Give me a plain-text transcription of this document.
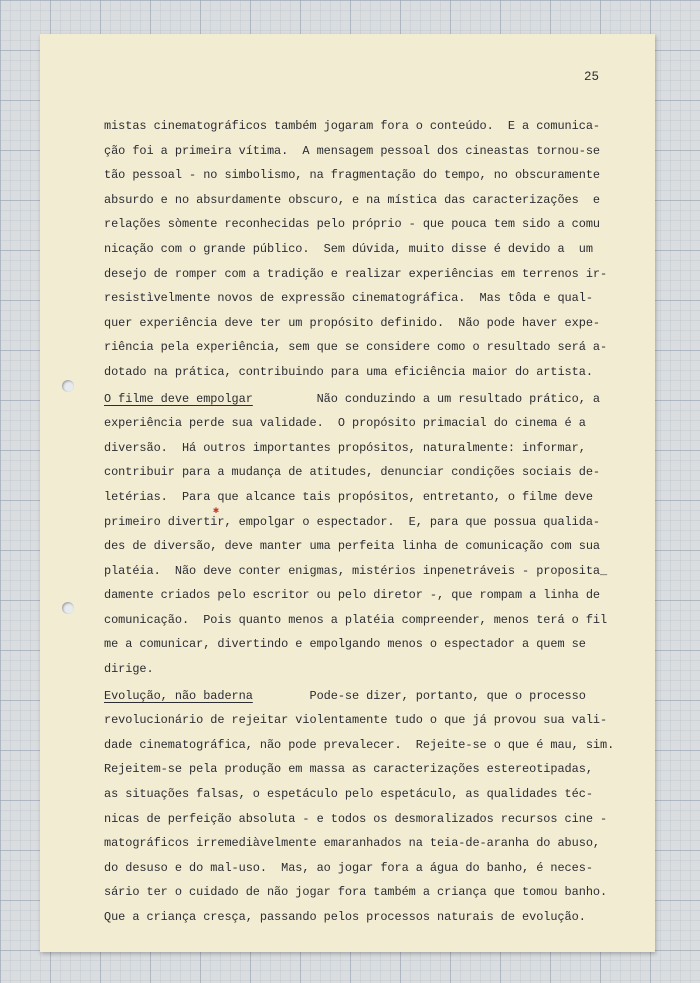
25
mistas cinematográficos também jogaram fora o conteúdo.  E a comunica-
ção foi a primeira vítima.  A mensagem pessoal dos cineastas tornou-se
tão pessoal - no simbolismo, na fragmentação do tempo, no obscuramente
absurdo e no absurdamente obscuro, e na mística das caracterizações  e
relações sòmente reconhecidas pelo próprio - que pouca tem sido a comu
nicação com o grande público.  Sem dúvida, muito disse é devido a  um
desejo de romper com a tradição e realizar experiências em terrenos ir-
resistìvelmente novos de expressão cinematográfica.  Mas tôda e qual-
quer experiência deve ter um propósito definido.  Não pode haver expe-
riência pela experiência, sem que se considere como o resultado será a-
dotado na prática, contribuindo para uma eficiência maior do artista.
O filme deve empolgar         Não conduzindo a um resultado prático, a
experiência perde sua validade.  O propósito primacial do cinema é a
diversão.  Há outros importantes propósitos, naturalmente: informar,
contribuir para a mudança de atitudes, denunciar condições sociais de-
letérias.  Para que alcance tais propósitos, entretanto, o filme deve
primeiro divertir, empolgar o espectador.  E, para que possua qualida-
des de diversão, deve manter uma perfeita linha de comunicação com sua
platéia.  Não deve conter enigmas, mistérios inpenetráveis - proposita_
damente criados pelo escritor ou pelo diretor -, que rompam a linha de
comunicação.  Pois quanto menos a platéia compreender, menos terá o fil
me a comunicar, divertindo e empolgando menos o espectador a quem se
dirige.
Evolução, não baderna        Pode-se dizer, portanto, que o processo
revolucionário de rejeitar violentamente tudo o que já provou sua vali-
dade cinematográfica, não pode prevalecer.  Rejeite-se o que é mau, sim.
Rejeitem-se pela produção em massa as caracterizações estereotipadas,
as situações falsas, o espetáculo pelo espetáculo, as qualidades téc-
nicas de perfeição absoluta - e todos os desmoralizados recursos cine -
matográficos irremediàvelmente emaranhados na teia-de-aranha do abuso,
do desuso e do mal-uso.  Mas, ao jogar fora a água do banho, é neces-
sário ter o cuidado de não jogar fora também a criança que tomou banho.
Que a criança cresça, passando pelos processos naturais de evolução.
✱
